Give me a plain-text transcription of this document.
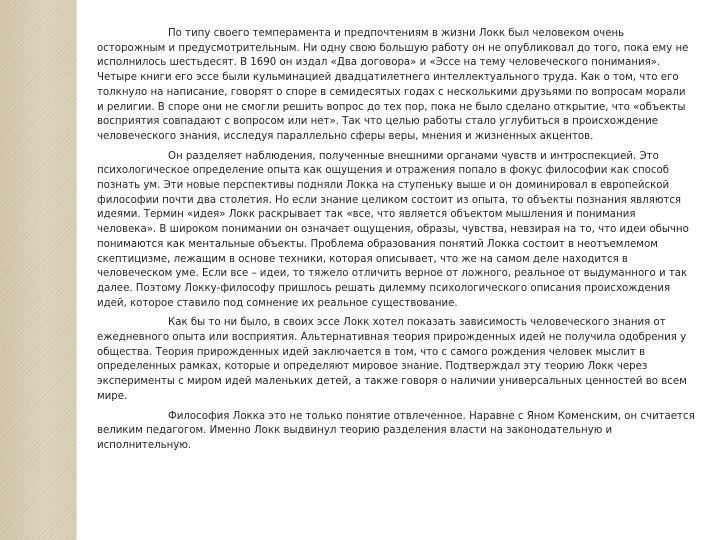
По типу своего темперамента и предпочтениям в жизни Локк был человеком очень осторожным и предусмотрительным. Ни одну свою большую работу он не опубликовал до того, пока ему не исполнилось шестьдесят. В 1690 он издал «Два договора» и «Эссе на тему человеческого понимания». Четыре книги его эссе были кульминацией двадцатилетнего интеллектуального труда. Как о том, что его толкнуло на написание, говорят о споре в семидесятых годах с несколькими друзьями по вопросам морали и религии. В споре они не смогли решить вопрос до тех пор, пока не было сделано открытие, что «объекты восприятия совпадают с вопросом или нет». Так что целью работы стало углубиться в происхождение человеческого знания, исследуя параллельно сферы веры, мнения и жизненных акцентов.

Он разделяет наблюдения, полученные внешними органами чувств и интроспекцией. Это психологическое определение опыта как ощущения и отражения попало в фокус философии как способ познать ум. Эти новые перспективы подняли Локка на ступеньку выше и он доминировал в европейской философии почти два столетия. Но если знание целиком состоит из опыта, то объекты познания являются идеями. Термин «идея» Локк раскрывает так «все, что является объектом мышления и понимания человека». В широком понимании он означает ощущения, образы, чувства, невзирая на то, что идеи обычно понимаются как ментальные объекты. Проблема образования понятий Локка состоит в неотъемлемом скептицизме, лежащим в основе техники, которая описывает, что же на самом деле находится в человеческом уме. Если все – идеи, то тяжело отличить верное от ложного, реальное от выдуманного и так далее. Поэтому Локку-философу пришлось решать дилемму психологического описания происхождения идей, которое ставило под сомнение их реальное существование.

Как бы то ни было, в своих эссе Локк хотел показать зависимость человеческого знания от ежедневного опыта или восприятия. Альтернативная теория прирожденных идей не получила одобрения у общества. Теория прирожденных идей заключается в том, что с самого рождения человек мыслит в определенных рамках, которые и определяют мировое знание. Подтверждал эту теорию Локк через эксперименты с миром идей маленьких детей, а также говоря о наличии универсальных ценностей во всем мире.

Философия Локка это не только понятие отвлеченное. Наравне с Яном Коменским, он считается великим педагогом. Именно Локк выдвинул теорию разделения власти на законодательную и исполнительную.
